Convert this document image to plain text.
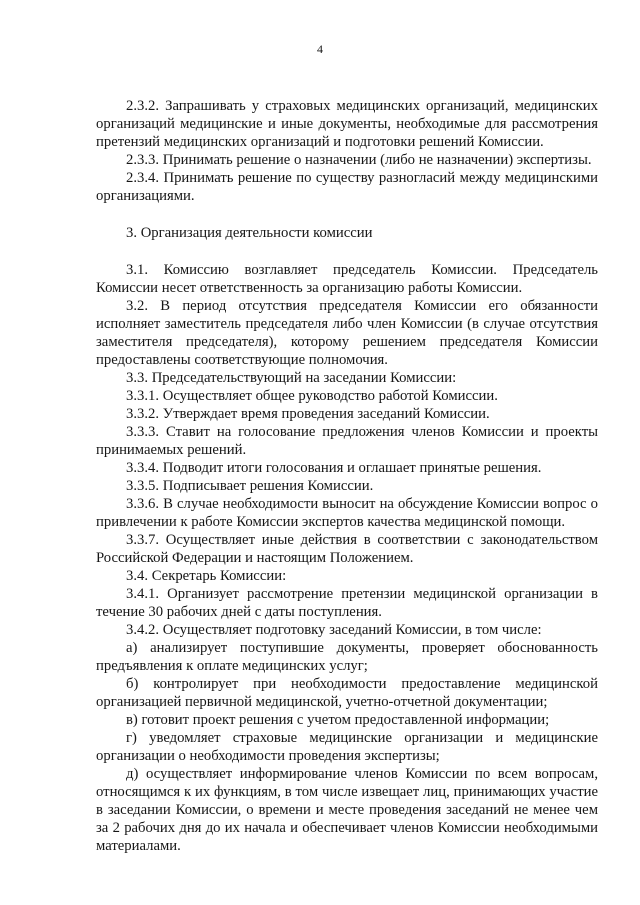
4

2.3.2. Запрашивать у страховых медицинских организаций, медицинских организаций медицинские и иные документы, необходимые для рассмотрения претензий медицинских организаций и подготовки решений Комиссии.

2.3.3. Принимать решение о назначении (либо не назначении) экспертизы.

2.3.4. Принимать решение по существу разногласий между медицинскими организациями.

3. Организация деятельности комиссии

3.1. Комиссию возглавляет председатель Комиссии. Председатель Комиссии несет ответственность за организацию работы Комиссии.

3.2. В период отсутствия председателя Комиссии его обязанности исполняет заместитель председателя либо член Комиссии (в случае отсутствия заместителя председателя), которому решением председателя Комиссии предоставлены соответствующие полномочия.

3.3. Председательствующий на заседании Комиссии:

3.3.1. Осуществляет общее руководство работой Комиссии.

3.3.2. Утверждает время проведения заседаний Комиссии.

3.3.3. Ставит на голосование предложения членов Комиссии и проекты принимаемых решений.

3.3.4. Подводит итоги голосования и оглашает принятые решения.

3.3.5. Подписывает решения Комиссии.

3.3.6. В случае необходимости выносит на обсуждение Комиссии вопрос о привлечении к работе Комиссии экспертов качества медицинской помощи.

3.3.7. Осуществляет иные действия в соответствии с законодательством Российской Федерации и настоящим Положением.

3.4. Секретарь Комиссии:

3.4.1. Организует рассмотрение претензии медицинской организации в течение 30 рабочих дней с даты поступления.

3.4.2. Осуществляет подготовку заседаний Комиссии, в том числе:

а) анализирует поступившие документы, проверяет обоснованность предъявления к оплате медицинских услуг;

б) контролирует при необходимости предоставление медицинской организацией первичной медицинской, учетно-отчетной документации;

в) готовит проект решения с учетом предоставленной информации;

г) уведомляет страховые медицинские организации и медицинские организации о необходимости проведения экспертизы;

д) осуществляет информирование членов Комиссии по всем вопросам, относящимся к их функциям, в том числе извещает лиц, принимающих участие в заседании Комиссии, о времени и месте проведения заседаний не менее чем за 2 рабочих дня до их начала и обеспечивает членов Комиссии необходимыми материалами.
